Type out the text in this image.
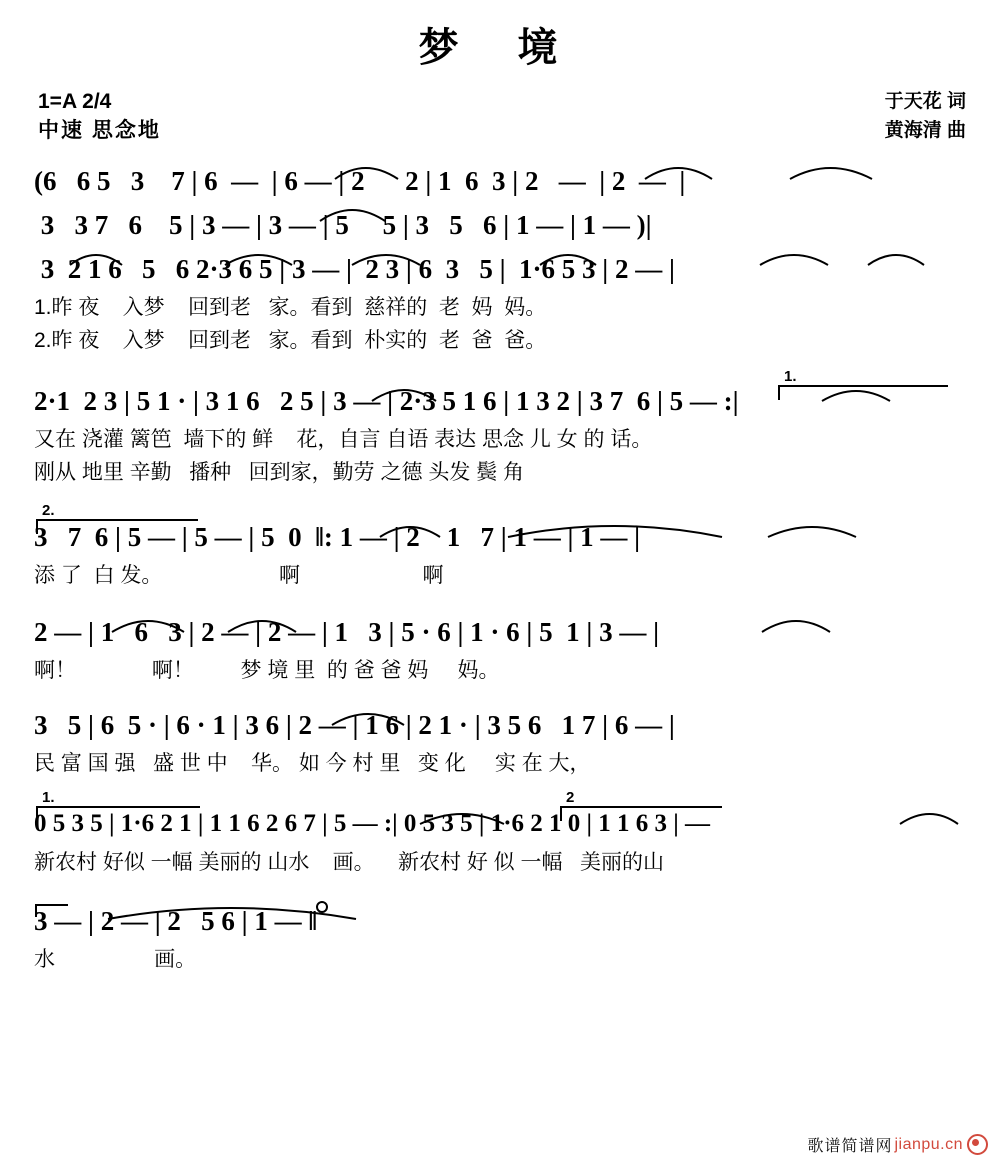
梦 境
1=A 2/4
中速 思念地
于天花 词
黄海清 曲
(6   6 5   3    7 | 6  —  | 6 — | 2      2 | 1  6  3 | 2   —  | 2  —  |
3   3 7   6    5 | 3 — | 3 — | 5     5 | 3   5   6 | 1 — | 1 — )|
3  2 1 6   5   6 2·3 6 5 | 3 — |  2 3 | 6  3   5 |  1·6 5 3 | 2 — |
1.昨 夜    入梦    回到老   家。看到  慈祥的  老  妈  妈。
2.昨 夜    入梦    回到老   家。看到  朴实的  老  爸  爸。
1.
2·1  2 3 | 5 1 · | 3 1 6   2 5 | 3 — | 2·3 5 1 6 | 1 3 2 | 3 7  6 | 5 — :|
又在 浇灌 篱笆  墙下的 鲜    花，自言 自语 表达 思念 儿 女 的 话。
刚从 地里 辛勤   播种   回到家，勤劳 之德 头发 鬓 角
2.
3   7  6 | 5 — | 5 — | 5  0  ‖: 1 — | 2    1   7 | 1 — | 1 — |
添 了  白 发。                    啊                     啊
2 — | 1   6   3 | 2 — | 2 — | 1   3 | 5 · 6 | 1 · 6 | 5  1 | 3 — |
啊！             啊！        梦 境 里  的 爸 爸 妈     妈。
3   5 | 6  5 · | 6 · 1 | 3 6 | 2 — | 1 6 | 2 1 · | 3 5 6   1 7 | 6 — |
民 富 国 强   盛 世 中    华。 如 今 村 里   变 化     实 在 大，
1.	2
0 5 3 5 | 1·6 2 1 | 1 1 6 2 6 7 | 5 — :| 0 5 3 5 | 1·6 2 1 0 | 1 1 6 3 | —
新农村 好似 一幅 美丽的 山水    画。    新农村 好 似 一幅   美丽的山
3 — | 2 — | 2   5 6 | 1 — ‖
水                 画。
歌谱简谱网 jianpu.cn
